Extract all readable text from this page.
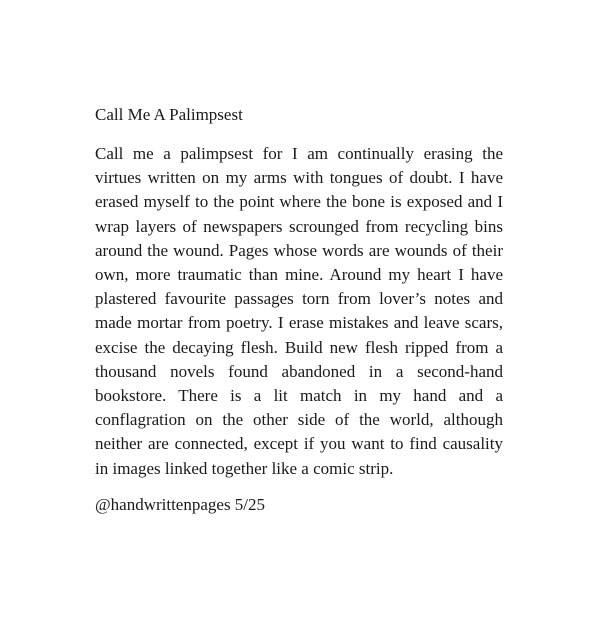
Call Me A Palimpsest

Call me a palimpsest for I am continually erasing the virtues written on my arms with tongues of doubt. I have erased myself to the point where the bone is exposed and I wrap layers of newspapers scrounged from recycling bins around the wound. Pages whose words are wounds of their own, more traumatic than mine. Around my heart I have plastered favourite passages torn from lover’s notes and made mortar from poetry. I erase mistakes and leave scars, excise the decaying flesh. Build new flesh ripped from a thousand novels found abandoned in a second-hand bookstore. There is a lit match in my hand and a conflagration on the other side of the world, although neither are connected, except if you want to find causality in images linked together like a comic strip.

@handwrittenpages 5/25
